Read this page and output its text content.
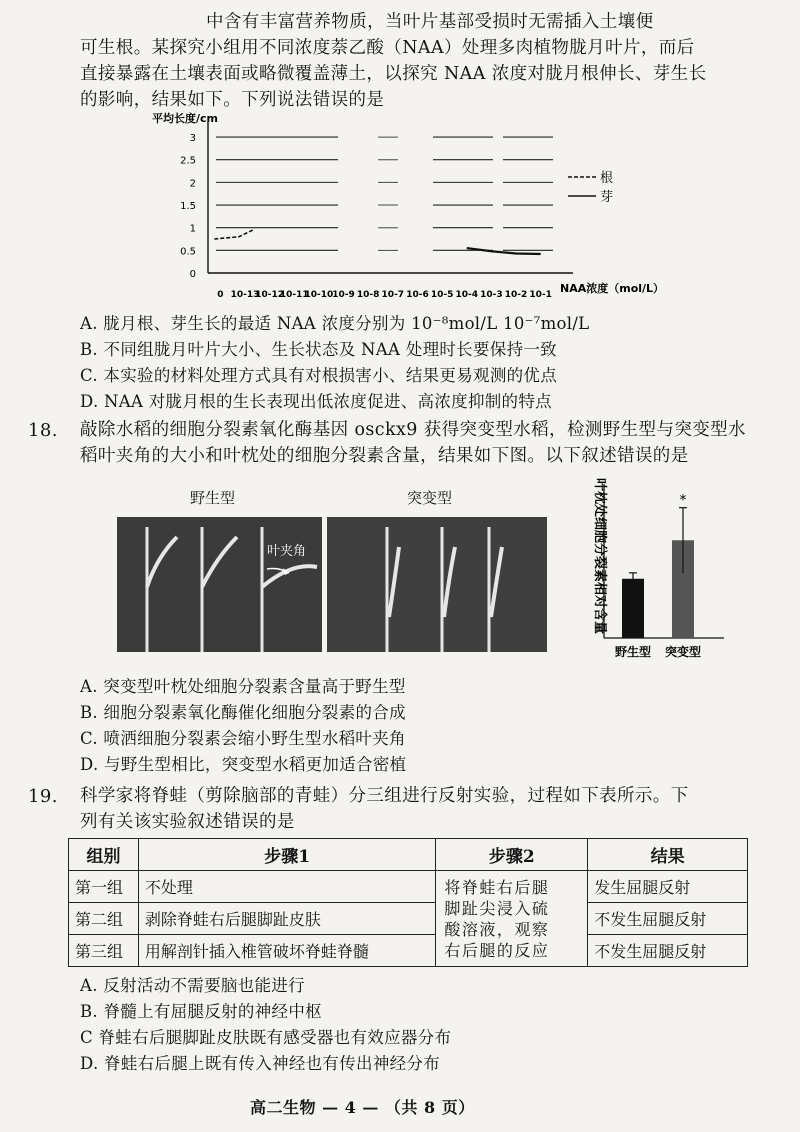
中含有丰富营养物质，当叶片基部受损时无需插入土壤便
可生根。某探究小组用不同浓度萘乙酸（NAA）处理多肉植物胧月叶片，而后
直接暴露在土壤表面或略微覆盖薄土，以探究 NAA 浓度对胧月根伸长、芽生长
的影响，结果如下。下列说法错误的是
平均长度/cm
0
0.5
1
1.5
2
2.5
3
0 10-13
10-12
10-11
10-10
10-9 10-8 10-7 10-6 10-5 10-4 10-3 10-2 10-1
根
芽
NAA浓度（mol/L）
A. 胧月根、芽生长的最适 NAA 浓度分别为 10⁻⁸mol/L 10⁻⁷mol/L
B. 不同组胧月叶片大小、生长状态及 NAA 处理时长要保持一致
C. 本实验的材料处理方式具有对根损害小、结果更易观测的优点
D. NAA 对胧月根的生长表现出低浓度促进、高浓度抑制的特点
18. 敲除水稻的细胞分裂素氧化酶基因 osckx9 获得突变型水稻，检测野生型与突变型水
稻叶夹角的大小和叶枕处的细胞分裂素含量，结果如下图。以下叙述错误的是
野生型	突变型
叶夹角	叶枕处细胞分裂素相对含量	*
野生型 突变型
A. 突变型叶枕处细胞分裂素含量高于野生型
B. 细胞分裂素氧化酶催化细胞分裂素的合成
C. 喷洒细胞分裂素会缩小野生型水稻叶夹角
D. 与野生型相比，突变型水稻更加适合密植
19. 科学家将脊蛙（剪除脑部的青蛙）分三组进行反射实验，过程如下表所示。下
列有关该实验叙述错误的是
组别	步骤1	步骤2	结果
第一组	不处理	将脊蛙右后腿
脚趾尖浸入硫
酸溶液，观察
右后腿的反应	发生屈腿反射
第二组	剥除脊蛙右后腿脚趾皮肤		不发生屈腿反射
第三组	用解剖针插入椎管破坏脊蛙脊髓		不发生屈腿反射
A. 反射活动不需要脑也能进行
B. 脊髓上有屈腿反射的神经中枢
C 脊蛙右后腿脚趾皮肤既有感受器也有效应器分布
D. 脊蛙右后腿上既有传入神经也有传出神经分布
高二生物 — 4 — （共 8 页）
